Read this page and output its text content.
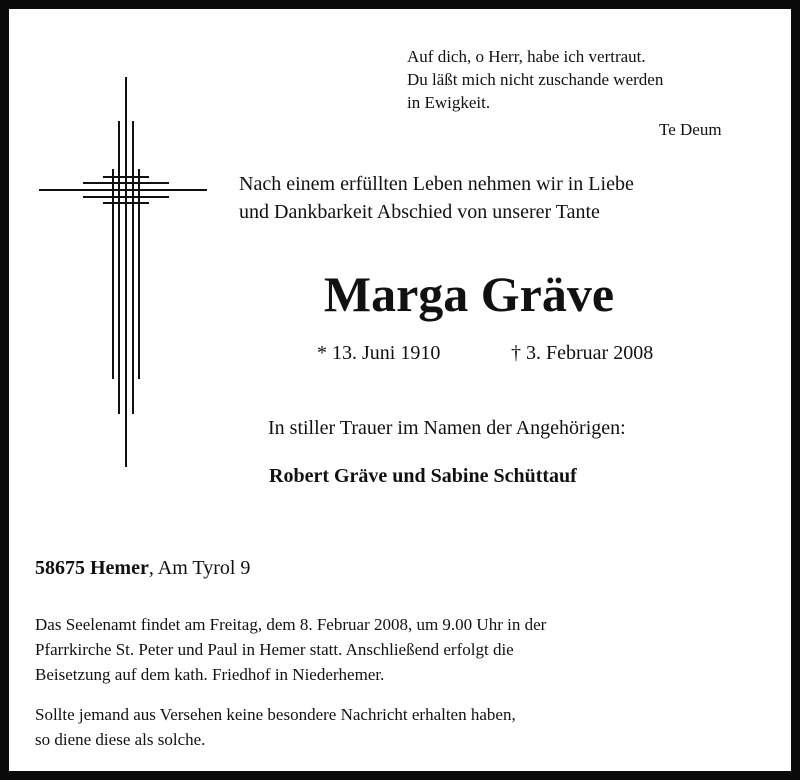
Auf dich, o Herr, habe ich vertraut.
Du läßt mich nicht zuschande werden
in Ewigkeit.
Te Deum
Nach einem erfüllten Leben nehmen wir in Liebe
und Dankbarkeit Abschied von unserer Tante
Marga Gräve
* 13. Juni 1910	† 3. Februar 2008
In stiller Trauer im Namen der Angehörigen:
Robert Gräve und Sabine Schüttauf
58675 Hemer, Am Tyrol 9
Das Seelenamt findet am Freitag, dem 8. Februar 2008, um 9.00 Uhr in der
Pfarrkirche St. Peter und Paul in Hemer statt. Anschließend erfolgt die
Beisetzung auf dem kath. Friedhof in Niederhemer.
Sollte jemand aus Versehen keine besondere Nachricht erhalten haben,
so diene diese als solche.
